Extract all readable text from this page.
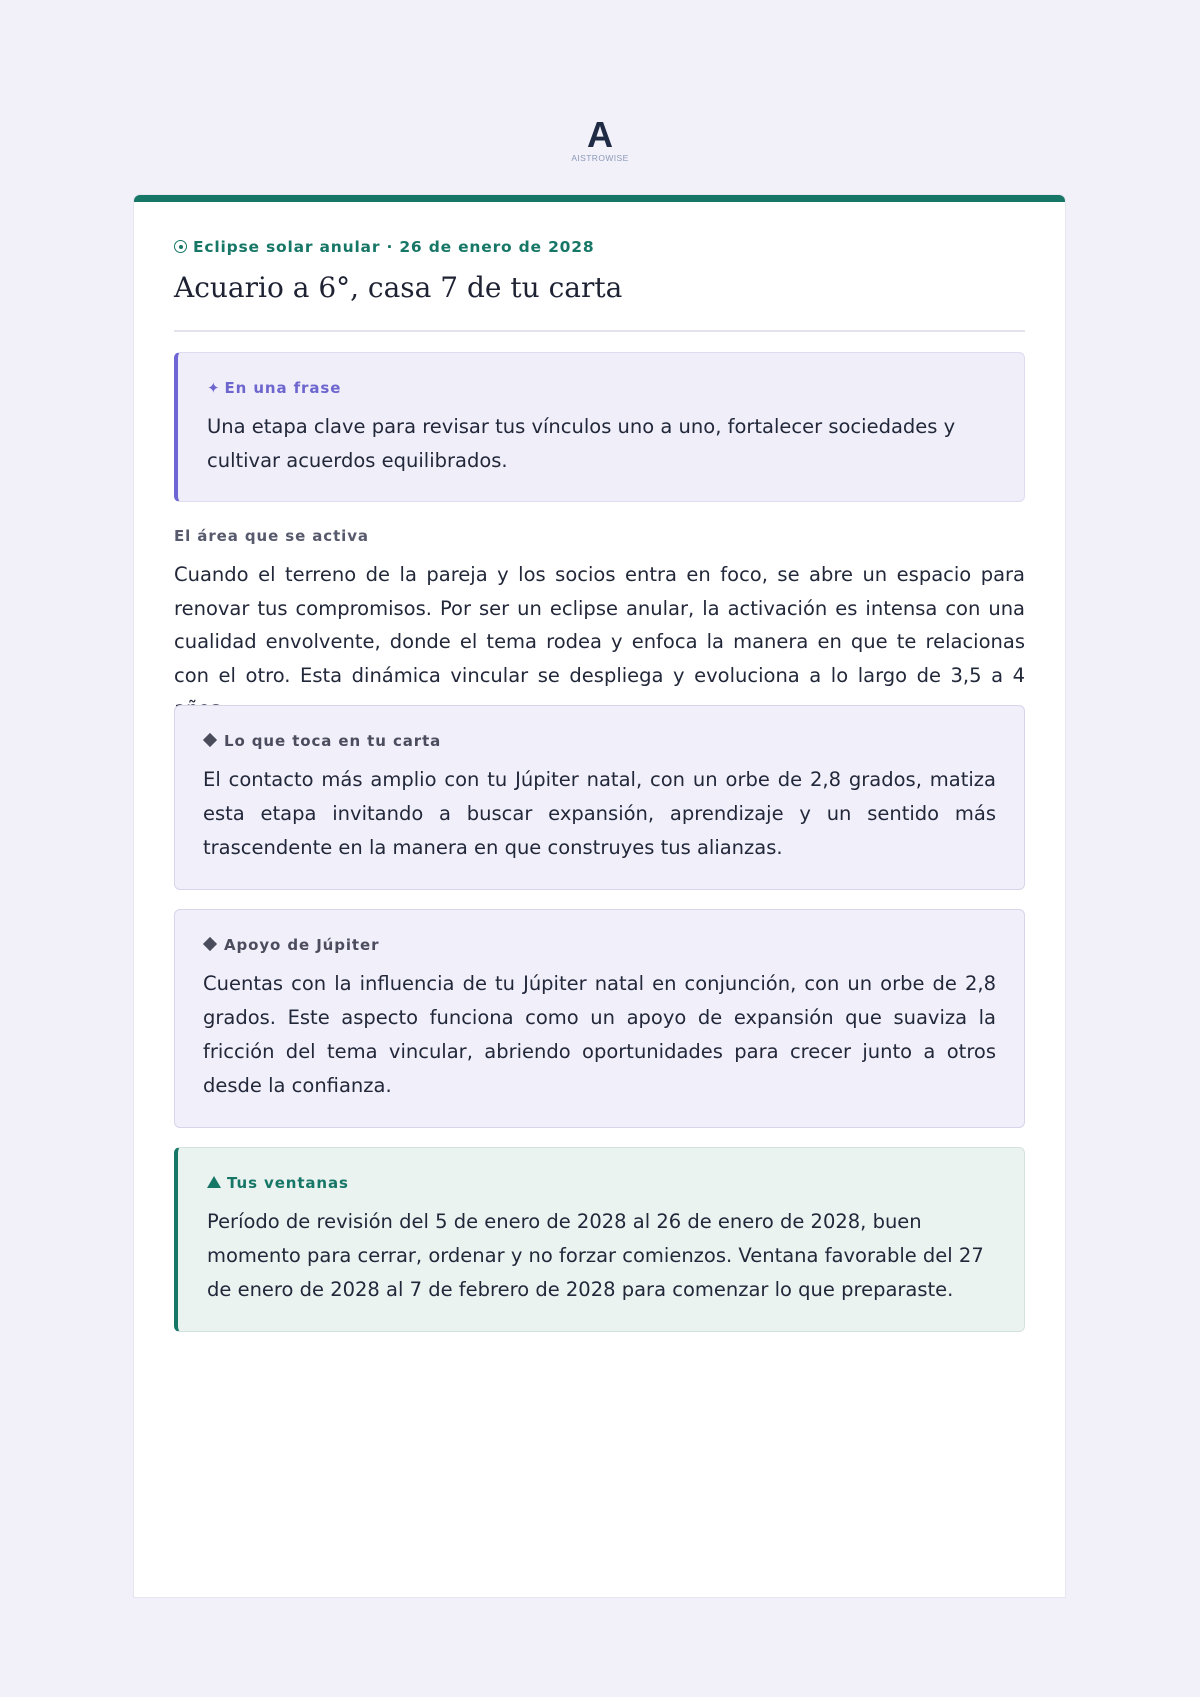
A
AISTROWISE
Eclipse solar anular · 26 de enero de 2028
Acuario a 6°, casa 7 de tu carta
✦ En una frase

Una etapa clave para revisar tus vínculos uno a uno, fortalecer sociedades y cultivar acuerdos equilibrados.

El área que se activa

Cuando el terreno de la pareja y los socios entra en foco, se abre un espacio para renovar tus compromisos. Por ser un eclipse anular, la activación es intensa con una cualidad envolvente, donde el tema rodea y enfoca la manera en que te relacionas con el otro. Esta dinámica vincular se despliega y evoluciona a lo largo de 3,5 a 4

Lo que toca en tu carta

El contacto más amplio con tu Júpiter natal, con un orbe de 2,8 grados, matiza esta etapa invitando a buscar expansión, aprendizaje y un sentido más trascendente en la manera en que construyes tus alianzas.

Apoyo de Júpiter

Cuentas con la influencia de tu Júpiter natal en conjunción, con un orbe de 2,8 grados. Este aspecto funciona como un apoyo de expansión que suaviza la fricción del tema vincular, abriendo oportunidades para crecer junto a otros desde la confianza.

Tus ventanas

Período de revisión del 5 de enero de 2028 al 26 de enero de 2028, buen momento para cerrar, ordenar y no forzar comienzos. Ventana favorable del 27 de enero de 2028 al 7 de febrero de 2028 para comenzar lo que preparaste.
